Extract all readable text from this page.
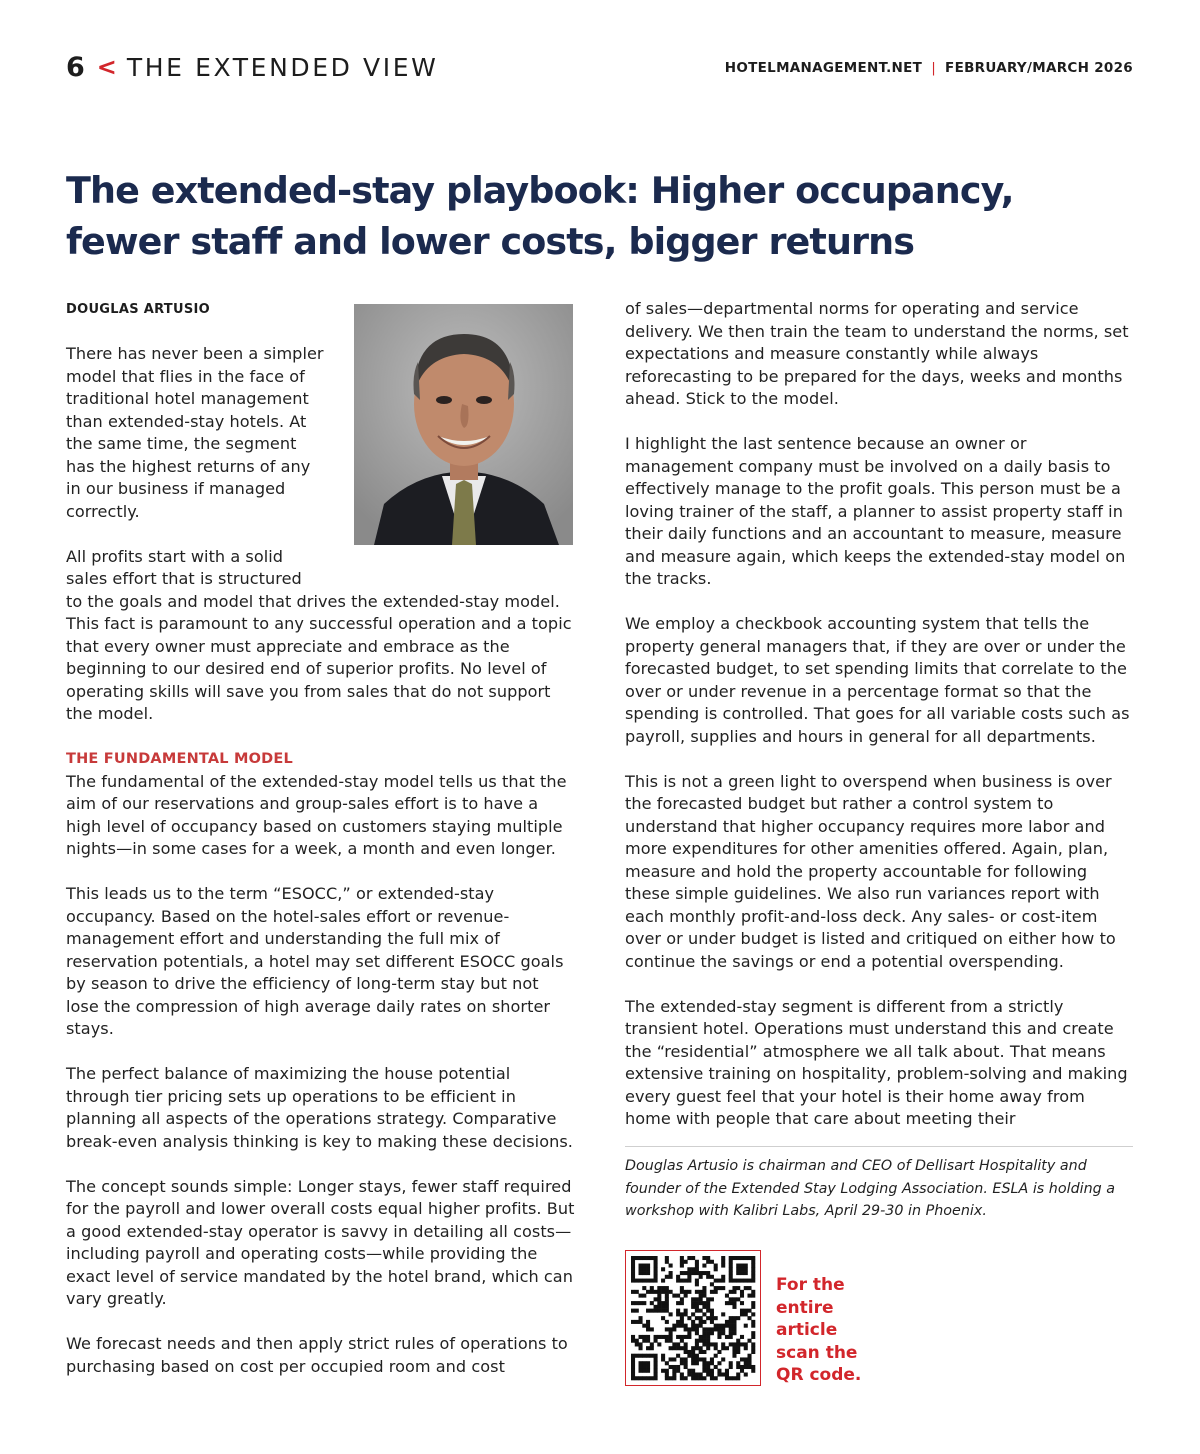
6 < THE EXTENDED VIEW	HOTELMANAGEMENT.NET | FEBRUARY/MARCH 2026
The extended-stay playbook: Higher occupancy,
fewer staff and lower costs, bigger returns
DOUGLAS ARTUSIO

There has never been a simpler model that flies in the face of traditional hotel management than extended-stay hotels. At the same time, the segment has the highest returns of any in our business if managed correctly.

All profits start with a solid sales effort that is structured
to the goals and model that drives the extended-stay model. This fact is paramount to any successful operation and a topic that every owner must appreciate and embrace as the beginning to our desired end of superior profits. No level of operating skills will save you from sales that do not support the model.

THE FUNDAMENTAL MODEL

The fundamental of the extended-stay model tells us that the aim of our reservations and group-sales effort is to have a high level of occupancy based on customers staying multiple nights—in some cases for a week, a month and even longer.

This leads us to the term “ESOCC,” or extended-stay occupancy. Based on the hotel-sales effort or revenue-management effort and understanding the full mix of reservation potentials, a hotel may set different ESOCC goals by season to drive the efficiency of long-term stay but not lose the compression of high average daily rates on shorter stays.

The perfect balance of maximizing the house potential through tier pricing sets up operations to be efficient in planning all aspects of the operations strategy. Comparative break-even analysis thinking is key to making these decisions.

The concept sounds simple: Longer stays, fewer staff required for the payroll and lower overall costs equal higher profits. But a good extended-stay operator is savvy in detailing all costs—including payroll and operating costs—while providing the exact level of service mandated by the hotel brand, which can vary greatly.

We forecast needs and then apply strict rules of operations to purchasing based on cost per occupied room and cost

of sales—departmental norms for operating and service delivery. We then train the team to understand the norms, set expectations and measure constantly while always reforecasting to be prepared for the days, weeks and months ahead. Stick to the model.

I highlight the last sentence because an owner or management company must be involved on a daily basis to effectively manage to the profit goals. This person must be a loving trainer of the staff, a planner to assist property staff in their daily functions and an accountant to measure, measure and measure again, which keeps the extended-stay model on the tracks.

We employ a checkbook accounting system that tells the property general managers that, if they are over or under the forecasted budget, to set spending limits that correlate to the over or under revenue in a percentage format so that the spending is controlled. That goes for all variable costs such as payroll, supplies and hours in general for all departments.

This is not a green light to overspend when business is over the forecasted budget but rather a control system to understand that higher occupancy requires more labor and more expenditures for other amenities offered. Again, plan, measure and hold the property accountable for following these simple guidelines. We also run variances report with each monthly profit-and-loss deck. Any sales- or cost-item over or under budget is listed and critiqued on either how to continue the savings or end a potential overspending.

The extended-stay segment is different from a strictly transient hotel. Operations must understand this and create the “residential” atmosphere we all talk about. That means extensive training on hospitality, problem-solving and making every guest feel that your hotel is their home away from home with people that care about meeting their

Douglas Artusio is chairman and CEO of Dellisart Hospitality and founder of the Extended Stay Lodging Association. ESLA is holding a workshop with Kalibri Labs, April 29-30 in Phoenix.

For the entire article scan the QR code.
